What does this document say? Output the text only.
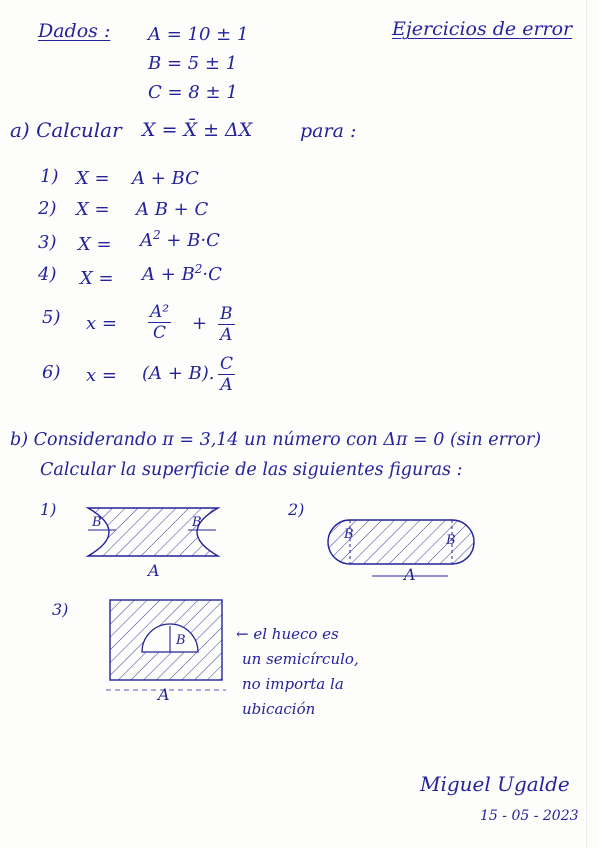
Dados :	Ejercicios de error
A = 10 ± 1
B = 5 ± 1
C = 8 ± 1
a) Calcular X = X̄ ± ΔX	para :
1) X = A + BC
2) X = A B + C
3) $X = A^2 + B\cdot C$
4) $X = A + B^2\cdot C$
5) $x = \frac{\text{A²}}{C} + \frac{B}{A}$
6) x = (A + B). $\frac{C}{A}$
b) Considerando π = 3,14 un número con Δπ = 0 (sin error)
Calcular la superficie de las siguientes figuras :
1)
B	B
A
2)
B	B
A
3)
B
A
← el hueco es
un semicírculo,
no importa la
ubicación
Miguel Ugalde
15 - 05 - 2023
